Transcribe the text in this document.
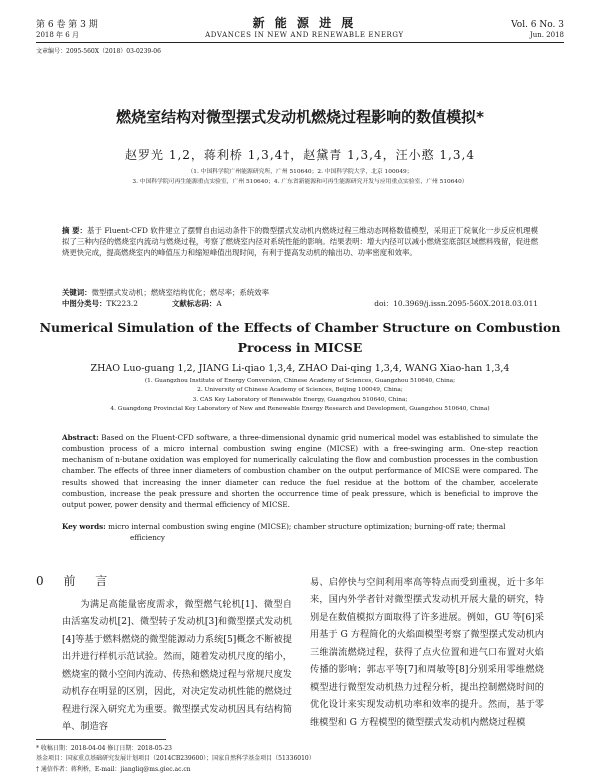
第 6 卷 第 3 期	新 能 源 进 展	Vol. 6 No. 3
2018 年 6 月	ADVANCES IN NEW AND RENEWABLE ENERGY	Jun. 2018
文章编号：2095-560X（2018）03-0239-06
燃烧室结构对微型摆式发动机燃烧过程影响的数值模拟*
赵罗光 1,2，蒋利桥 1,3,4†，赵黛青 1,3,4，汪小憨 1,3,4
（1. 中国科学院广州能源研究所，广州 510640；2. 中国科学院大学，北京 100049；
3. 中国科学院可再生能源重点实验室，广州 510640；4. 广东省新能源和可再生能源研究开发与应用重点实验室，广州 510640）
摘 要：基于 Fluent-CFD 软件建立了摆臂自由运动条件下的微型摆式发动机内燃烧过程三维动态网格数值模型，采用正丁烷氧化一步反应机理模拟了三种内径的燃烧室内流动与燃烧过程，考察了燃烧室内径对系统性能的影响。结果表明：增大内径可以减小燃烧室底部区域燃料残留，促进燃烧更快完成，提高燃烧室内的峰值压力和缩短峰值出现时间，有利于提高发动机的输出功、功率密度和效率。
关键词：微型摆式发动机；燃烧室结构优化；燃尽率；系统效率
中图分类号：TK223.2	文献标志码：A	doi：10.3969/j.issn.2095-560X.2018.03.011
Numerical Simulation of the Effects of Chamber Structure on Combustion
Process in MICSE
ZHAO Luo-guang 1,2, JIANG Li-qiao 1,3,4, ZHAO Dai-qing 1,3,4, WANG Xiao-han 1,3,4
(1. Guangzhou Institute of Energy Conversion, Chinese Academy of Sciences, Guangzhou 510640, China;
2. University of Chinese Academy of Sciences, Beijing 100049, China;
3. CAS Key Laboratory of Renewable Energy, Guangzhou 510640, China;
4. Guangdong Provincial Key Laboratory of New and Renewable Energy Research and Development, Guangzhou 510640, China)
Abstract: Based on the Fluent-CFD software, a three-dimensional dynamic grid numerical model was established to simulate the combustion process of a micro internal combustion swing engine (MICSE) with a free-swinging arm. One-step reaction mechanism of n-butane oxidation was employed for numerically calculating the flow and combustion processes in the combustion chamber. The effects of three inner diameters of combustion chamber on the output performance of MICSE were compared. The results showed that increasing the inner diameter can reduce the fuel residue at the bottom of the chamber, accelerate combustion, increase the peak pressure and shorten the occurrence time of peak pressure, which is beneficial to improve the output power, power density and thermal efficiency of MICSE.
Key words: micro internal combustion swing engine (MICSE); chamber structure optimization; burning-off rate; thermal efficiency
0 前 言
为满足高能量密度需求，微型燃气轮机[1]、微型自由活塞发动机[2]、微型转子发动机[3]和微型摆式发动机[4]等基于燃料燃烧的微型能源动力系统[5]概念不断被提出并进行样机示范试验。然而，随着发动机尺度的缩小，燃烧室的微小空间内流动、传热和燃烧过程与常规尺度发动机存在明显的区别，因此，对决定发动机性能的燃烧过程进行深入研究尤为重要。微型摆式发动机因具有结构简单、制造容
易、启停快与空间利用率高等特点而受到重视，近十多年来，国内外学者针对微型摆式发动机开展大量的研究，特别是在数值模拟方面取得了许多进展。例如，GU 等[6]采用基于 G 方程简化的火焰面模型考察了微型摆式发动机内三维湍流燃烧过程，获得了点火位置和进气口布置对火焰传播的影响；郭志平等[7]和周敏等[8]分别采用零维燃烧模型进行微型发动机热力过程分析，提出控制燃烧时间的优化设计来实现发动机功率和效率的提升。然而，基于零维模型和 G 方程模型的微型摆式发动机内燃烧过程模
* 收稿日期：2018-04-04 修订日期：2018-05-23
基金项目：国家重点基础研究发展计划项目（2014CB239600）；国家自然科学基金项目（51336010）
† 通信作者：蒋利桥，E-mail：jiangliq@ms.giec.ac.cn
